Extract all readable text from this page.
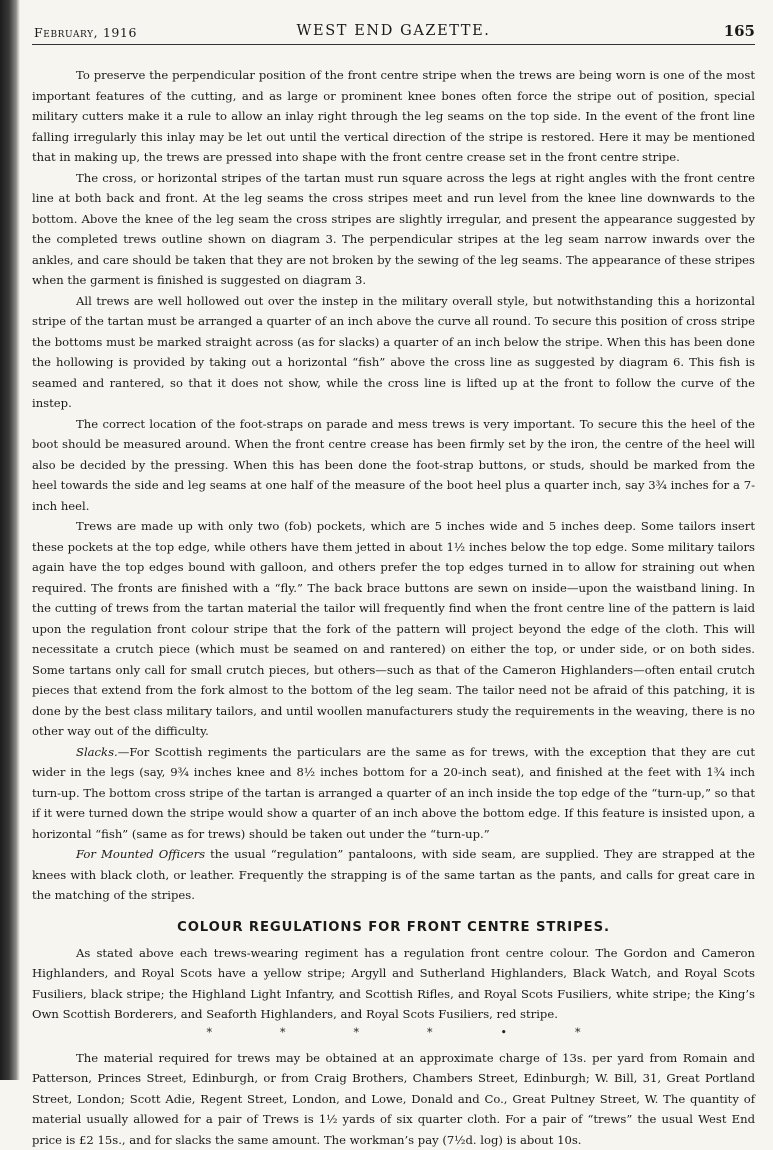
February, 1916	WEST END GAZETTE.	165

To preserve the perpendicular position of the front centre stripe when the trews are being worn is one of the most important features of the cutting, and as large or prominent knee bones often force the stripe out of position, special military cutters make it a rule to allow an inlay right through the leg seams on the top side. In the event of the front line falling irregularly this inlay may be let out until the vertical direction of the stripe is restored. Here it may be mentioned that in making up, the trews are pressed into shape with the front centre crease set in the front centre stripe.

The cross, or horizontal stripes of the tartan must run square across the legs at right angles with the front centre line at both back and front. At the leg seams the cross stripes meet and run level from the knee line downwards to the bottom. Above the knee of the leg seam the cross stripes are slightly irregular, and present the appearance suggested by the completed trews outline shown on diagram 3. The perpendicular stripes at the leg seam narrow inwards over the ankles, and care should be taken that they are not broken by the sewing of the leg seams. The appearance of these stripes when the garment is finished is suggested on diagram 3.

All trews are well hollowed out over the instep in the military overall style, but notwithstanding this a horizontal stripe of the tartan must be arranged a quarter of an inch above the curve all round. To secure this position of cross stripe the bottoms must be marked straight across (as for slacks) a quarter of an inch below the stripe. When this has been done the hollowing is provided by taking out a horizontal “fish” above the cross line as suggested by diagram 6. This fish is seamed and rantered, so that it does not show, while the cross line is lifted up at the front to follow the curve of the instep.

The correct location of the foot-straps on parade and mess trews is very important. To secure this the heel of the boot should be measured around. When the front centre crease has been firmly set by the iron, the centre of the heel will also be decided by the pressing. When this has been done the foot-strap buttons, or studs, should be marked from the heel towards the side and leg seams at one half of the measure of the boot heel plus a quarter inch, say 3¾ inches for a 7-inch heel.

Trews are made up with only two (fob) pockets, which are 5 inches wide and 5 inches deep. Some tailors insert these pockets at the top edge, while others have them jetted in about 1½ inches below the top edge. Some military tailors again have the top edges bound with galloon, and others prefer the top edges turned in to allow for straining out when required. The fronts are finished with a “fly.” The back brace buttons are sewn on inside—upon the waistband lining. In the cutting of trews from the tartan material the tailor will frequently find when the front centre line of the pattern is laid upon the regulation front colour stripe that the fork of the pattern will project beyond the edge of the cloth. This will necessitate a crutch piece (which must be seamed on and rantered) on either the top, or under side, or on both sides. Some tartans only call for small crutch pieces, but others—such as that of the Cameron Highlanders—often entail crutch pieces that extend from the fork almost to the bottom of the leg seam. The tailor need not be afraid of this patching, it is done by the best class military tailors, and until woollen manufacturers study the requirements in the weaving, there is no other way out of the difficulty.

Slacks.—For Scottish regiments the particulars are the same as for trews, with the exception that they are cut wider in the legs (say, 9¾ inches knee and 8½ inches bottom for a 20-inch seat), and finished at the feet with 1¾ inch turn-up. The bottom cross stripe of the tartan is arranged a quarter of an inch inside the top edge of the “turn-up,” so that if it were turned down the stripe would show a quarter of an inch above the bottom edge. If this feature is insisted upon, a horizontal “fish” (same as for trews) should be taken out under the “turn-up.”

For Mounted Officers the usual “regulation” pantaloons, with side seam, are supplied. They are strapped at the knees with black cloth, or leather. Frequently the strapping is of the same tartan as the pants, and calls for great care in the matching of the stripes.

COLOUR REGULATIONS FOR FRONT CENTRE STRIPES.

As stated above each trews-wearing regiment has a regulation front centre colour. The Gordon and Cameron Highlanders, and Royal Scots have a yellow stripe; Argyll and Sutherland Highlanders, Black Watch, and Royal Scots Fusiliers, black stripe; the Highland Light Infantry, and Scottish Rifles, and Royal Scots Fusiliers, white stripe; the King’s Own Scottish Borderers, and Seaforth Highlanders, and Royal Scots Fusiliers, red stripe.

*	*	*	*	•	*

The material required for trews may be obtained at an approximate charge of 13s. per yard from Romain and Patterson, Princes Street, Edinburgh, or from Craig Brothers, Chambers Street, Edinburgh; W. Bill, 31, Great Portland Street, London; Scott Adie, Regent Street, London, and Lowe, Donald and Co., Great Pultney Street, W. The quantity of material usually allowed for a pair of Trews is 1½ yards of six quarter cloth. For a pair of “trews” the usual West End price is £2 15s., and for slacks the same amount. The workman’s pay (7½d. log) is about 10s.
